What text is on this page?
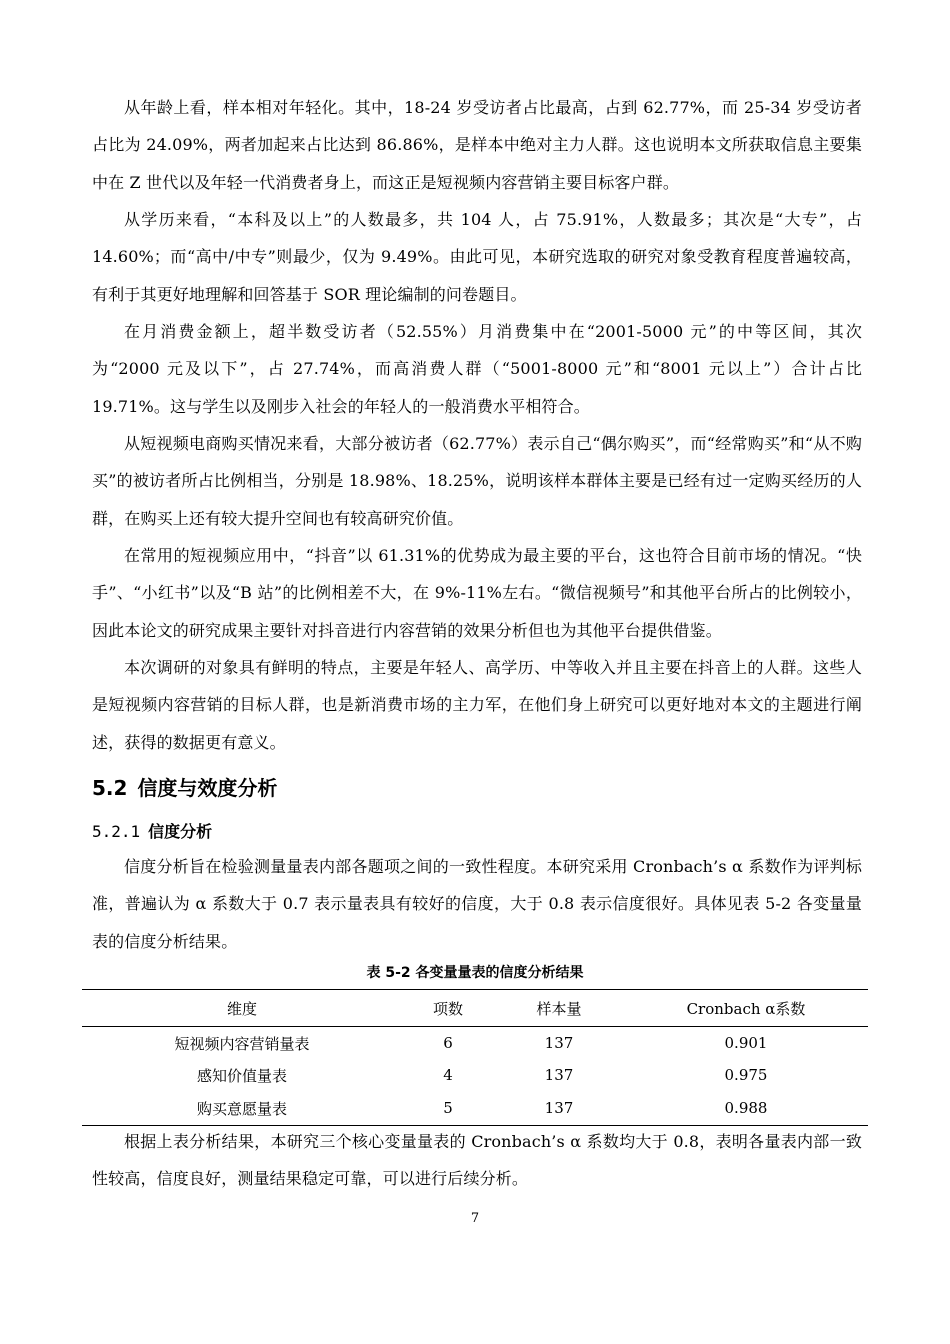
从年龄上看，样本相对年轻化。其中，18-24 岁受访者占比最高，占到 62.77%，而 25-34 岁受访者占比为 24.09%，两者加起来占比达到 86.86%，是样本中绝对主力人群。这也说明本文所获取信息主要集中在 Z 世代以及年轻一代消费者身上，而这正是短视频内容营销主要目标客户群。

从学历来看，“本科及以上”的人数最多，共 104 人，占 75.91%，人数最多；其次是“大专”，占 14.60%；而“高中/中专”则最少，仅为 9.49%。由此可见，本研究选取的研究对象受教育程度普遍较高，有利于其更好地理解和回答基于 SOR 理论编制的问卷题目。

在月消费金额上，超半数受访者（52.55%）月消费集中在“2001-5000 元”的中等区间，其次为“2000 元及以下”，占 27.74%，而高消费人群（“5001-8000 元”和“8001 元以上”）合计占比 19.71%。这与学生以及刚步入社会的年轻人的一般消费水平相符合。

从短视频电商购买情况来看，大部分被访者（62.77%）表示自己“偶尔购买”，而“经常购买”和“从不购买”的被访者所占比例相当，分别是 18.98%、18.25%，说明该样本群体主要是已经有过一定购买经历的人群，在购买上还有较大提升空间也有较高研究价值。

在常用的短视频应用中，“抖音”以 61.31%的优势成为最主要的平台，这也符合目前市场的情况。“快手”、“小红书”以及“B 站”的比例相差不大，在 9%-11%左右。“微信视频号”和其他平台所占的比例较小，因此本论文的研究成果主要针对抖音进行内容营销的效果分析但也为其他平台提供借鉴。

本次调研的对象具有鲜明的特点，主要是年轻人、高学历、中等收入并且主要在抖音上的人群。这些人是短视频内容营销的目标人群，也是新消费市场的主力军，在他们身上研究可以更好地对本文的主题进行阐述，获得的数据更有意义。

5.2 信度与效度分析
5.2.1 信度分析

信度分析旨在检验测量量表内部各题项之间的一致性程度。本研究采用 Cronbach’s α 系数作为评判标准，普遍认为 α 系数大于 0.7 表示量表具有较好的信度，大于 0.8 表示信度很好。具体见表 5-2 各变量量表的信度分析结果。

表 5-2 各变量量表的信度分析结果

维度	项数	样本量	Cronbach α系数
短视频内容营销量表	6	137	0.901
感知价值量表	4	137	0.975
购买意愿量表	5	137	0.988

根据上表分析结果，本研究三个核心变量量表的 Cronbach’s α 系数均大于 0.8，表明各量表内部一致性较高，信度良好，测量结果稳定可靠，可以进行后续分析。

7
